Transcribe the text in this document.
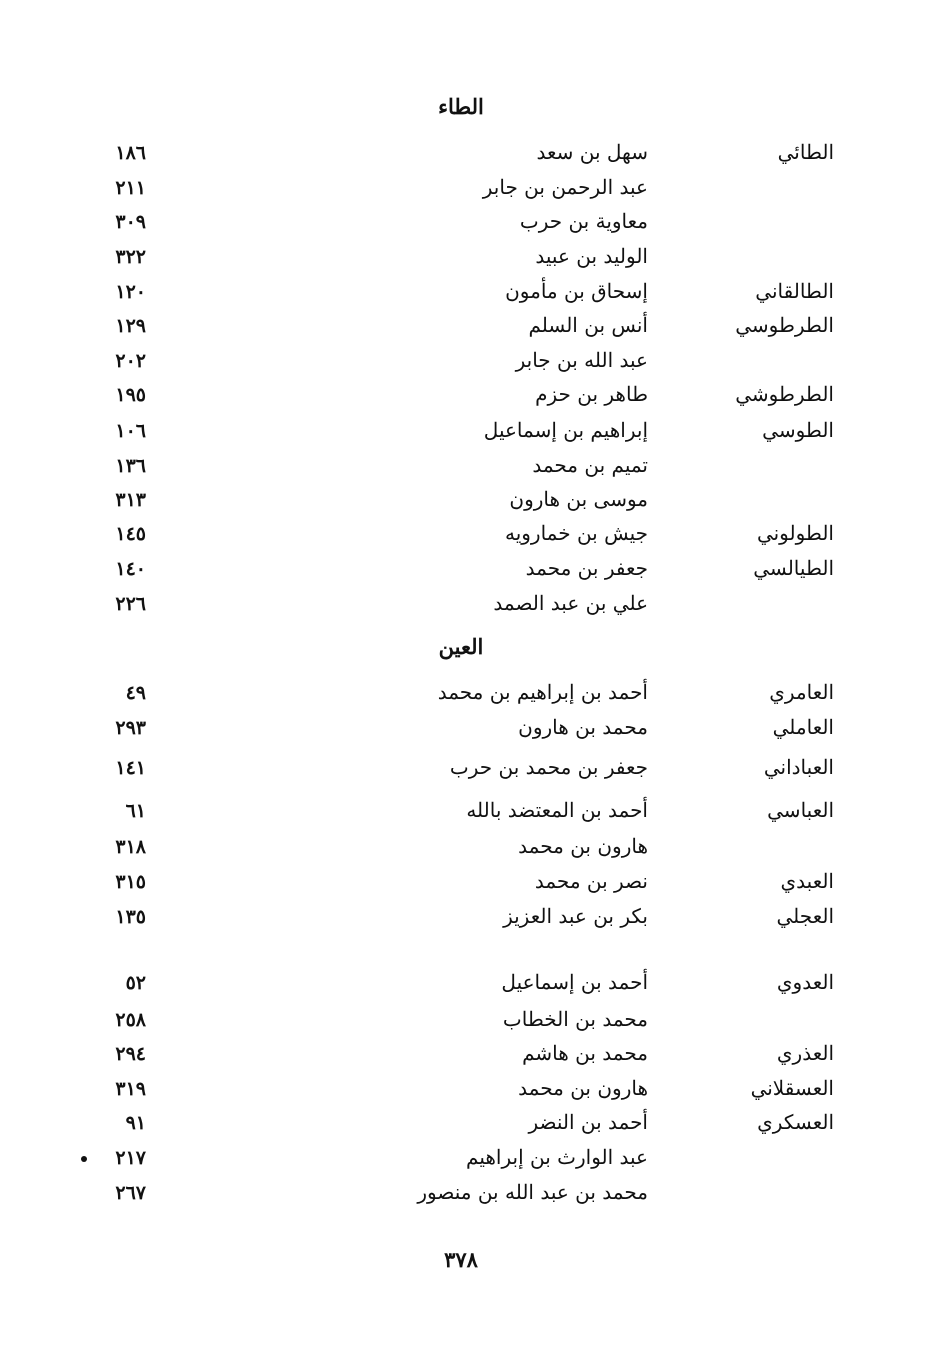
الطاء
الطائي
سهل بن سعد
١٨٦
عبد الرحمن بن جابر
٢١١
معاوية بن حرب
٣٠٩
الوليد بن عبيد
٣٢٢
الطالقاني
إسحاق بن مأمون
١٢٠
الطرطوسي
أنس بن السلم
١٢٩
عبد الله بن جابر
٢٠٢
الطرطوشي
طاهر بن حزم
١٩٥
الطوسي
إبراهيم بن إسماعيل
١٠٦
تميم بن محمد
١٣٦
موسى بن هارون
٣١٣
الطولوني
جيش بن خمارويه
١٤٥
الطيالسي
جعفر بن محمد
١٤٠
علي بن عبد الصمد
٢٢٦
العين
العامري
أحمد بن إبراهيم بن محمد
٤٩
العاملي
محمد بن هارون
٢٩٣
العباداني
جعفر بن محمد بن حرب
١٤١
العباسي
أحمد بن المعتضد بالله
٦١
هارون بن محمد
٣١٨
العبدي
نصر بن محمد
٣١٥
العجلي
بكر بن عبد العزيز
١٣٥
العدوي
أحمد بن إسماعيل
٥٢
محمد بن الخطاب
٢٥٨
العذري
محمد بن هاشم
٢٩٤
العسقلاني
هارون بن محمد
٣١٩
العسكري
أحمد بن النضر
٩١
عبد الوارث بن إبراهيم
٢١٧
محمد بن عبد الله بن منصور
٢٦٧
٣٧٨
